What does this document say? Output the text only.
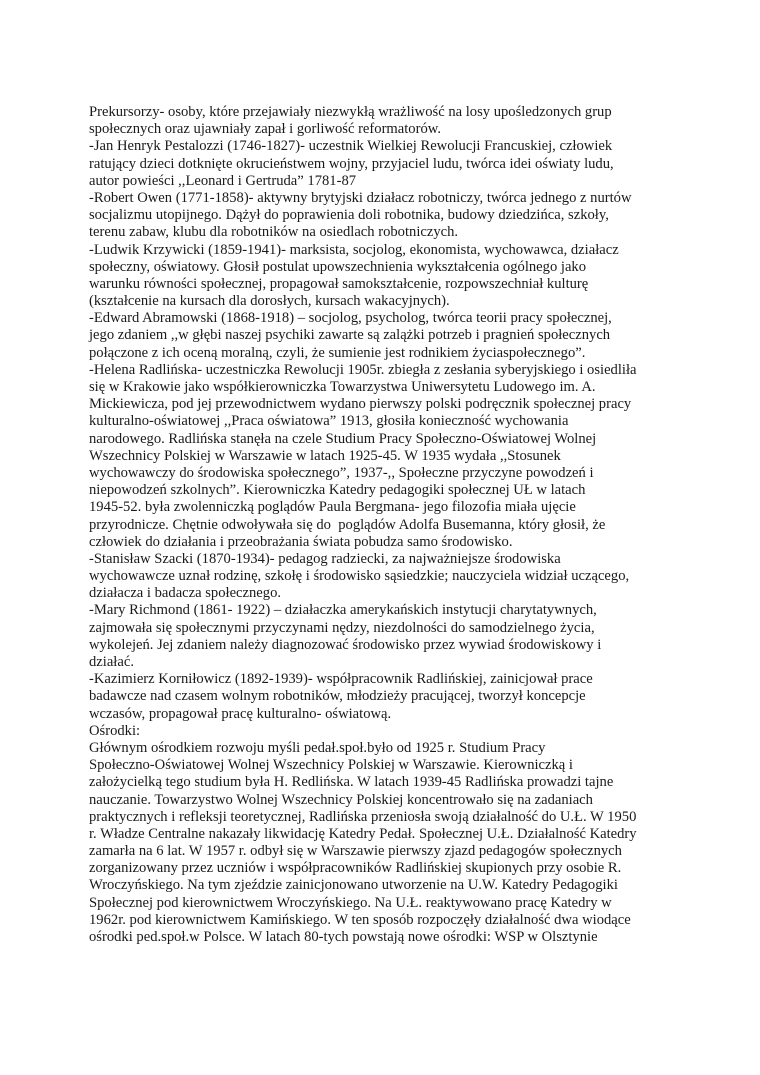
Prekursorzy- osoby, które przejawiały niezwykłą wrażliwość na losy upośledzonych grup
społecznych oraz ujawniały zapał i gorliwość reformatorów.
-Jan Henryk Pestalozzi (1746-1827)- uczestnik Wielkiej Rewolucji Francuskiej, człowiek
ratujący dzieci dotknięte okrucieństwem wojny, przyjaciel ludu, twórca idei oświaty ludu,
autor powieści ,,Leonard i Gertruda” 1781-87
-Robert Owen (1771-1858)- aktywny brytyjski działacz robotniczy, twórca jednego z nurtów
socjalizmu utopijnego. Dążył do poprawienia doli robotnika, budowy dziedzińca, szkoły,
terenu zabaw, klubu dla robotników na osiedlach robotniczych.
-Ludwik Krzywicki (1859-1941)- marksista, socjolog, ekonomista, wychowawca, działacz
społeczny, oświatowy. Głosił postulat upowszechnienia wykształcenia ogólnego jako
warunku równości społecznej, propagował samokształcenie, rozpowszechniał kulturę
(kształcenie na kursach dla dorosłych, kursach wakacyjnych).
-Edward Abramowski (1868-1918) – socjolog, psycholog, twórca teorii pracy społecznej,
jego zdaniem ,,w głębi naszej psychiki zawarte są zalążki potrzeb i pragnień społecznych
połączone z ich oceną moralną, czyli, że sumienie jest rodnikiem życiaspołecznego”.
-Helena Radlińska- uczestniczka Rewolucji 1905r. zbiegła z zesłania syberyjskiego i osiedliła
się w Krakowie jako współkierowniczka Towarzystwa Uniwersytetu Ludowego im. A.
Mickiewicza, pod jej przewodnictwem wydano pierwszy polski podręcznik społecznej pracy
kulturalno-oświatowej ,,Praca oświatowa” 1913, głosiła konieczność wychowania
narodowego. Radlińska stanęła na czele Studium Pracy Społeczno-Oświatowej Wolnej
Wszechnicy Polskiej w Warszawie w latach 1925-45. W 1935 wydała ,,Stosunek
wychowawczy do środowiska społecznego”, 1937-,, Społeczne przyczyne powodzeń i
niepowodzeń szkolnych”. Kierowniczka Katedry pedagogiki społecznej UŁ w latach
1945-52. była zwolenniczką poglądów Paula Bergmana- jego filozofia miała ujęcie
przyrodnicze. Chętnie odwoływała się do  poglądów Adolfa Busemanna, który głosił, że
człowiek do działania i przeobrażania świata pobudza samo środowisko.
-Stanisław Szacki (1870-1934)- pedagog radziecki, za najważniejsze środowiska
wychowawcze uznał rodzinę, szkołę i środowisko sąsiedzkie; nauczyciela widział uczącego,
działacza i badacza społecznego.
-Mary Richmond (1861- 1922) – działaczka amerykańskich instytucji charytatywnych,
zajmowała się społecznymi przyczynami nędzy, niezdolności do samodzielnego życia,
wykolejeń. Jej zdaniem należy diagnozować środowisko przez wywiad środowiskowy i
działać.
-Kazimierz Korniłowicz (1892-1939)- współpracownik Radlińskiej, zainicjował prace
badawcze nad czasem wolnym robotników, młodzieży pracującej, tworzył koncepcje
wczasów, propagował pracę kulturalno- oświatową.
Ośrodki:
Głównym ośrodkiem rozwoju myśli pedał.społ.było od 1925 r. Studium Pracy
Społeczno-Oświatowej Wolnej Wszechnicy Polskiej w Warszawie. Kierowniczką i
założycielką tego studium była H. Redlińska. W latach 1939-45 Radlińska prowadzi tajne
nauczanie. Towarzystwo Wolnej Wszechnicy Polskiej koncentrowało się na zadaniach
praktycznych i refleksji teoretycznej, Radlińska przeniosła swoją działalność do U.Ł. W 1950
r. Władze Centralne nakazały likwidację Katedry Pedał. Społecznej U.Ł. Działalność Katedry
zamarła na 6 lat. W 1957 r. odbył się w Warszawie pierwszy zjazd pedagogów społecznych
zorganizowany przez uczniów i współpracowników Radlińskiej skupionych przy osobie R.
Wroczyńskiego. Na tym zjeździe zainicjonowano utworzenie na U.W. Katedry Pedagogiki
Społecznej pod kierownictwem Wroczyńskiego. Na U.Ł. reaktywowano pracę Katedry w
1962r. pod kierownictwem Kamińskiego. W ten sposób rozpoczęły działalność dwa wiodące
ośrodki ped.społ.w Polsce. W latach 80-tych powstają nowe ośrodki: WSP w Olsztynie
